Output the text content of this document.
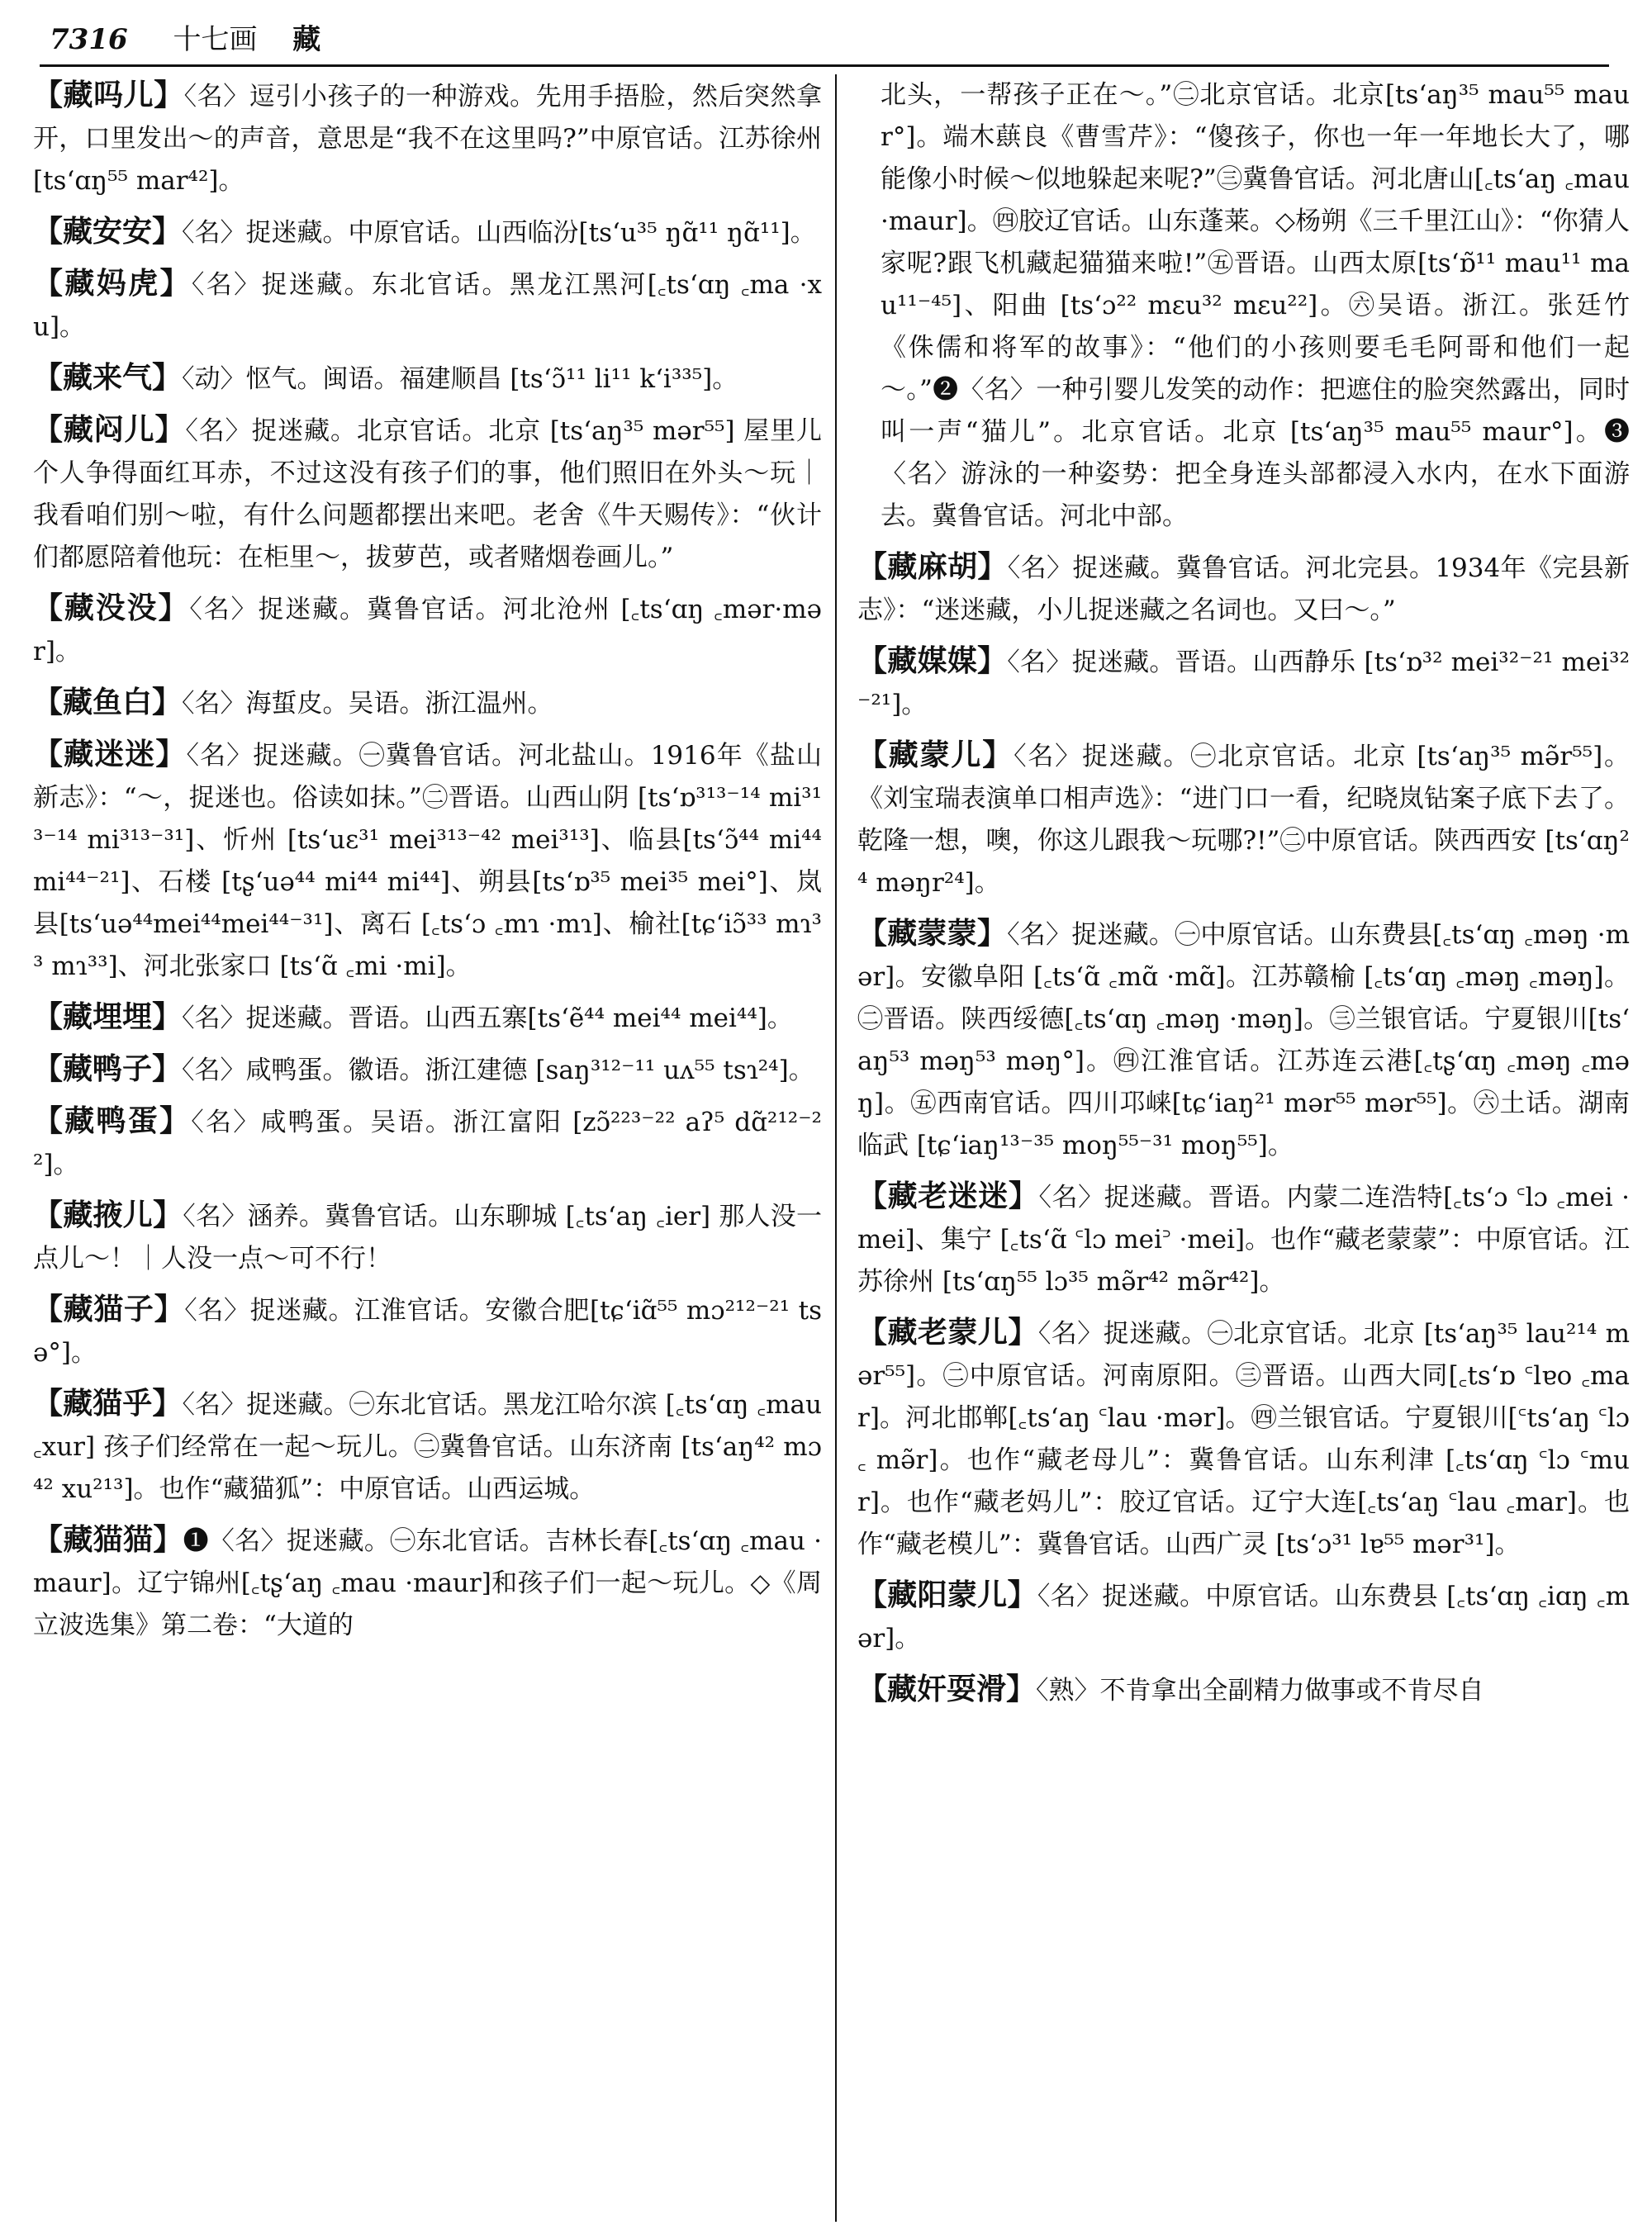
7316 十七画 藏
【藏吗儿】〈名〉逗引小孩子的一种游戏。先用手捂脸，然后突然拿开，口里发出～的声音，意思是“我不在这里吗?”中原官话。江苏徐州 [tsʻɑŋ⁵⁵ mar⁴²]。
【藏安安】〈名〉捉迷藏。中原官话。山西临汾[tsʻu³⁵ ŋɑ̃¹¹ ŋɑ̃¹¹]。
【藏妈虎】〈名〉捉迷藏。东北官话。黑龙江黑河[꜀tsʻɑŋ ꜀ma ·xu]。
【藏来气】〈动〉怄气。闽语。福建顺昌 [tsʻɔ̃¹¹ li¹¹ kʻi³³⁵]。
【藏闷儿】〈名〉捉迷藏。北京官话。北京 [tsʻaŋ³⁵ mər⁵⁵] 屋里儿个人争得面红耳赤，不过这没有孩子们的事，他们照旧在外头～玩｜我看咱们别～啦，有什么问题都摆出来吧。老舍《牛天赐传》：“伙计们都愿陪着他玩：在柜里～，拔萝芭，或者赌烟卷画儿。”
【藏没没】〈名〉捉迷藏。冀鲁官话。河北沧州 [꜀tsʻɑŋ ꜀mər·mər]。
【藏鱼白】〈名〉海蜇皮。吴语。浙江温州。
【藏迷迷】〈名〉捉迷藏。㊀冀鲁官话。河北盐山。1916年《盐山新志》：“～，捉迷也。俗读如抹。”㊁晋语。山西山阴 [tsʻɒ³¹³⁻¹⁴ mi³¹³⁻¹⁴ mi³¹³⁻³¹]、忻州 [tsʻuɛ³¹ mei³¹³⁻⁴² mei³¹³]、临县[tsʻɔ̃⁴⁴ mi⁴⁴ mi⁴⁴⁻²¹]、石楼 [tʂʻuə⁴⁴ mi⁴⁴ mi⁴⁴]、朔县[tsʻɒ³⁵ mei³⁵ mei°]、岚县[tsʻuə⁴⁴mei⁴⁴mei⁴⁴⁻³¹]、离石 [꜀tsʻɔ ꜀mɿ ·mɿ]、榆社[tɕʻiɔ̃³³ mɿ³³ mɿ³³]、河北张家口 [tsʻɑ̃ ꜀mi ·mi]。
【藏埋埋】〈名〉捉迷藏。晋语。山西五寨[tsʻẽ⁴⁴ mei⁴⁴ mei⁴⁴]。
【藏鸭子】〈名〉咸鸭蛋。徽语。浙江建德 [saŋ³¹²⁻¹¹ uʌ⁵⁵ tsɿ²⁴]。
【藏鸭蛋】〈名〉咸鸭蛋。吴语。浙江富阳 [zɔ̃²²³⁻²² aʔ⁵ dɑ̃²¹²⁻²²]。
【藏掖儿】〈名〉涵养。冀鲁官话。山东聊城 [꜀tsʻaŋ ꜀ier] 那人没一点儿～！｜人没一点～可不行！
【藏猫子】〈名〉捉迷藏。江淮官话。安徽合肥[tɕʻiɑ̃⁵⁵ mɔ²¹²⁻²¹ tsə°]。
【藏猫乎】〈名〉捉迷藏。㊀东北官话。黑龙江哈尔滨 [꜀tsʻɑŋ ꜀mau ꜀xur] 孩子们经常在一起～玩儿。㊁冀鲁官话。山东济南 [tsʻaŋ⁴² mɔ⁴² xu²¹³]。也作“藏猫狐”：中原官话。山西运城。
【藏猫猫】❶〈名〉捉迷藏。㊀东北官话。吉林长春[꜀tsʻɑŋ ꜀mau ·maur]。辽宁锦州[꜀tʂʻaŋ ꜀mau ·maur]和孩子们一起～玩儿。◇《周立波选集》第二卷：“大道的
北头，一帮孩子正在～。”㊁北京官话。北京[tsʻaŋ³⁵ mau⁵⁵ maur°]。端木蕻良《曹雪芹》：“傻孩子，你也一年一年地长大了，哪能像小时候～似地躲起来呢?”㊂冀鲁官话。河北唐山[꜀tsʻaŋ ꜀mau ·maur]。㊃胶辽官话。山东蓬莱。◇杨朔《三千里江山》：“你猜人家呢?跟飞机藏起猫猫来啦!”㊄晋语。山西太原[tsʻɒ̃¹¹ mau¹¹ mau¹¹⁻⁴⁵]、阳曲 [tsʻɔ²² mɛu³² mɛu²²]。㊅吴语。浙江。张廷竹《侏儒和将军的故事》：“他们的小孩则要毛毛阿哥和他们一起～。”❷〈名〉一种引婴儿发笑的动作：把遮住的脸突然露出，同时叫一声“猫儿”。北京官话。北京 [tsʻaŋ³⁵ mau⁵⁵ maur°]。❸〈名〉游泳的一种姿势：把全身连头部都浸入水内，在水下面游去。冀鲁官话。河北中部。
【藏麻胡】〈名〉捉迷藏。冀鲁官话。河北完县。1934年《完县新志》：“迷迷藏，小儿捉迷藏之名词也。又曰～。”
【藏媒媒】〈名〉捉迷藏。晋语。山西静乐 [tsʻɒ³² mei³²⁻²¹ mei³²⁻²¹]。
【藏蒙儿】〈名〉捉迷藏。㊀北京官话。北京 [tsʻaŋ³⁵ mə̃r⁵⁵]。《刘宝瑞表演单口相声选》：“进门口一看，纪晓岚钻案子底下去了。乾隆一想，噢，你这儿跟我～玩哪?!”㊁中原官话。陕西西安 [tsʻɑŋ²⁴ məŋr²⁴]。
【藏蒙蒙】〈名〉捉迷藏。㊀中原官话。山东费县[꜀tsʻɑŋ ꜀məŋ ·mər]。安徽阜阳 [꜀tsʻɑ̃ ꜀mɑ̃ ·mɑ̃]。江苏赣榆 [꜀tsʻɑŋ ꜀məŋ ꜀məŋ]。㊁晋语。陕西绥德[꜀tsʻɑŋ ꜀məŋ ·məŋ]。㊂兰银官话。宁夏银川[tsʻaŋ⁵³ məŋ⁵³ məŋ°]。㊃江淮官话。江苏连云港[꜀tʂʻɑŋ ꜀məŋ ꜀məŋ]。㊄西南官话。四川邛崃[tɕʻiaŋ²¹ mər⁵⁵ mər⁵⁵]。㊅土话。湖南临武 [tɕʻiaŋ¹³⁻³⁵ moŋ⁵⁵⁻³¹ moŋ⁵⁵]。
【藏老迷迷】〈名〉捉迷藏。晋语。内蒙二连浩特[꜀tsʻɔ ꜂lɔ ꜀mei ·mei]、集宁 [꜀tsʻɑ̃ ꜂lɔ mei꜄ ·mei]。也作“藏老蒙蒙”：中原官话。江苏徐州 [tsʻɑŋ⁵⁵ lɔ³⁵ mə̃r⁴² mə̃r⁴²]。
【藏老蒙儿】〈名〉捉迷藏。㊀北京官话。北京 [tsʻaŋ³⁵ lau²¹⁴ mər⁵⁵]。㊁中原官话。河南原阳。㊂晋语。山西大同[꜀tsʻɒ ꜂lɐo ꜀mar]。河北邯郸[꜀tsʻaŋ ꜂lau ·mər]。㊃兰银官话。宁夏银川[꜂tsʻaŋ ꜂lɔ꜀ mə̃r]。也作“藏老母儿”：冀鲁官话。山东利津 [꜀tsʻɑŋ ꜂lɔ ꜂mur]。也作“藏老妈儿”：胶辽官话。辽宁大连[꜀tsʻaŋ ꜂lau ꜀mar]。也作“藏老模儿”：冀鲁官话。山西广灵 [tsʻɔ³¹ lɐ⁵⁵ mər³¹]。
【藏阳蒙儿】〈名〉捉迷藏。中原官话。山东费县 [꜀tsʻɑŋ ꜀iɑŋ ꜀mər]。
【藏奸耍滑】〈熟〉不肯拿出全副精力做事或不肯尽自
